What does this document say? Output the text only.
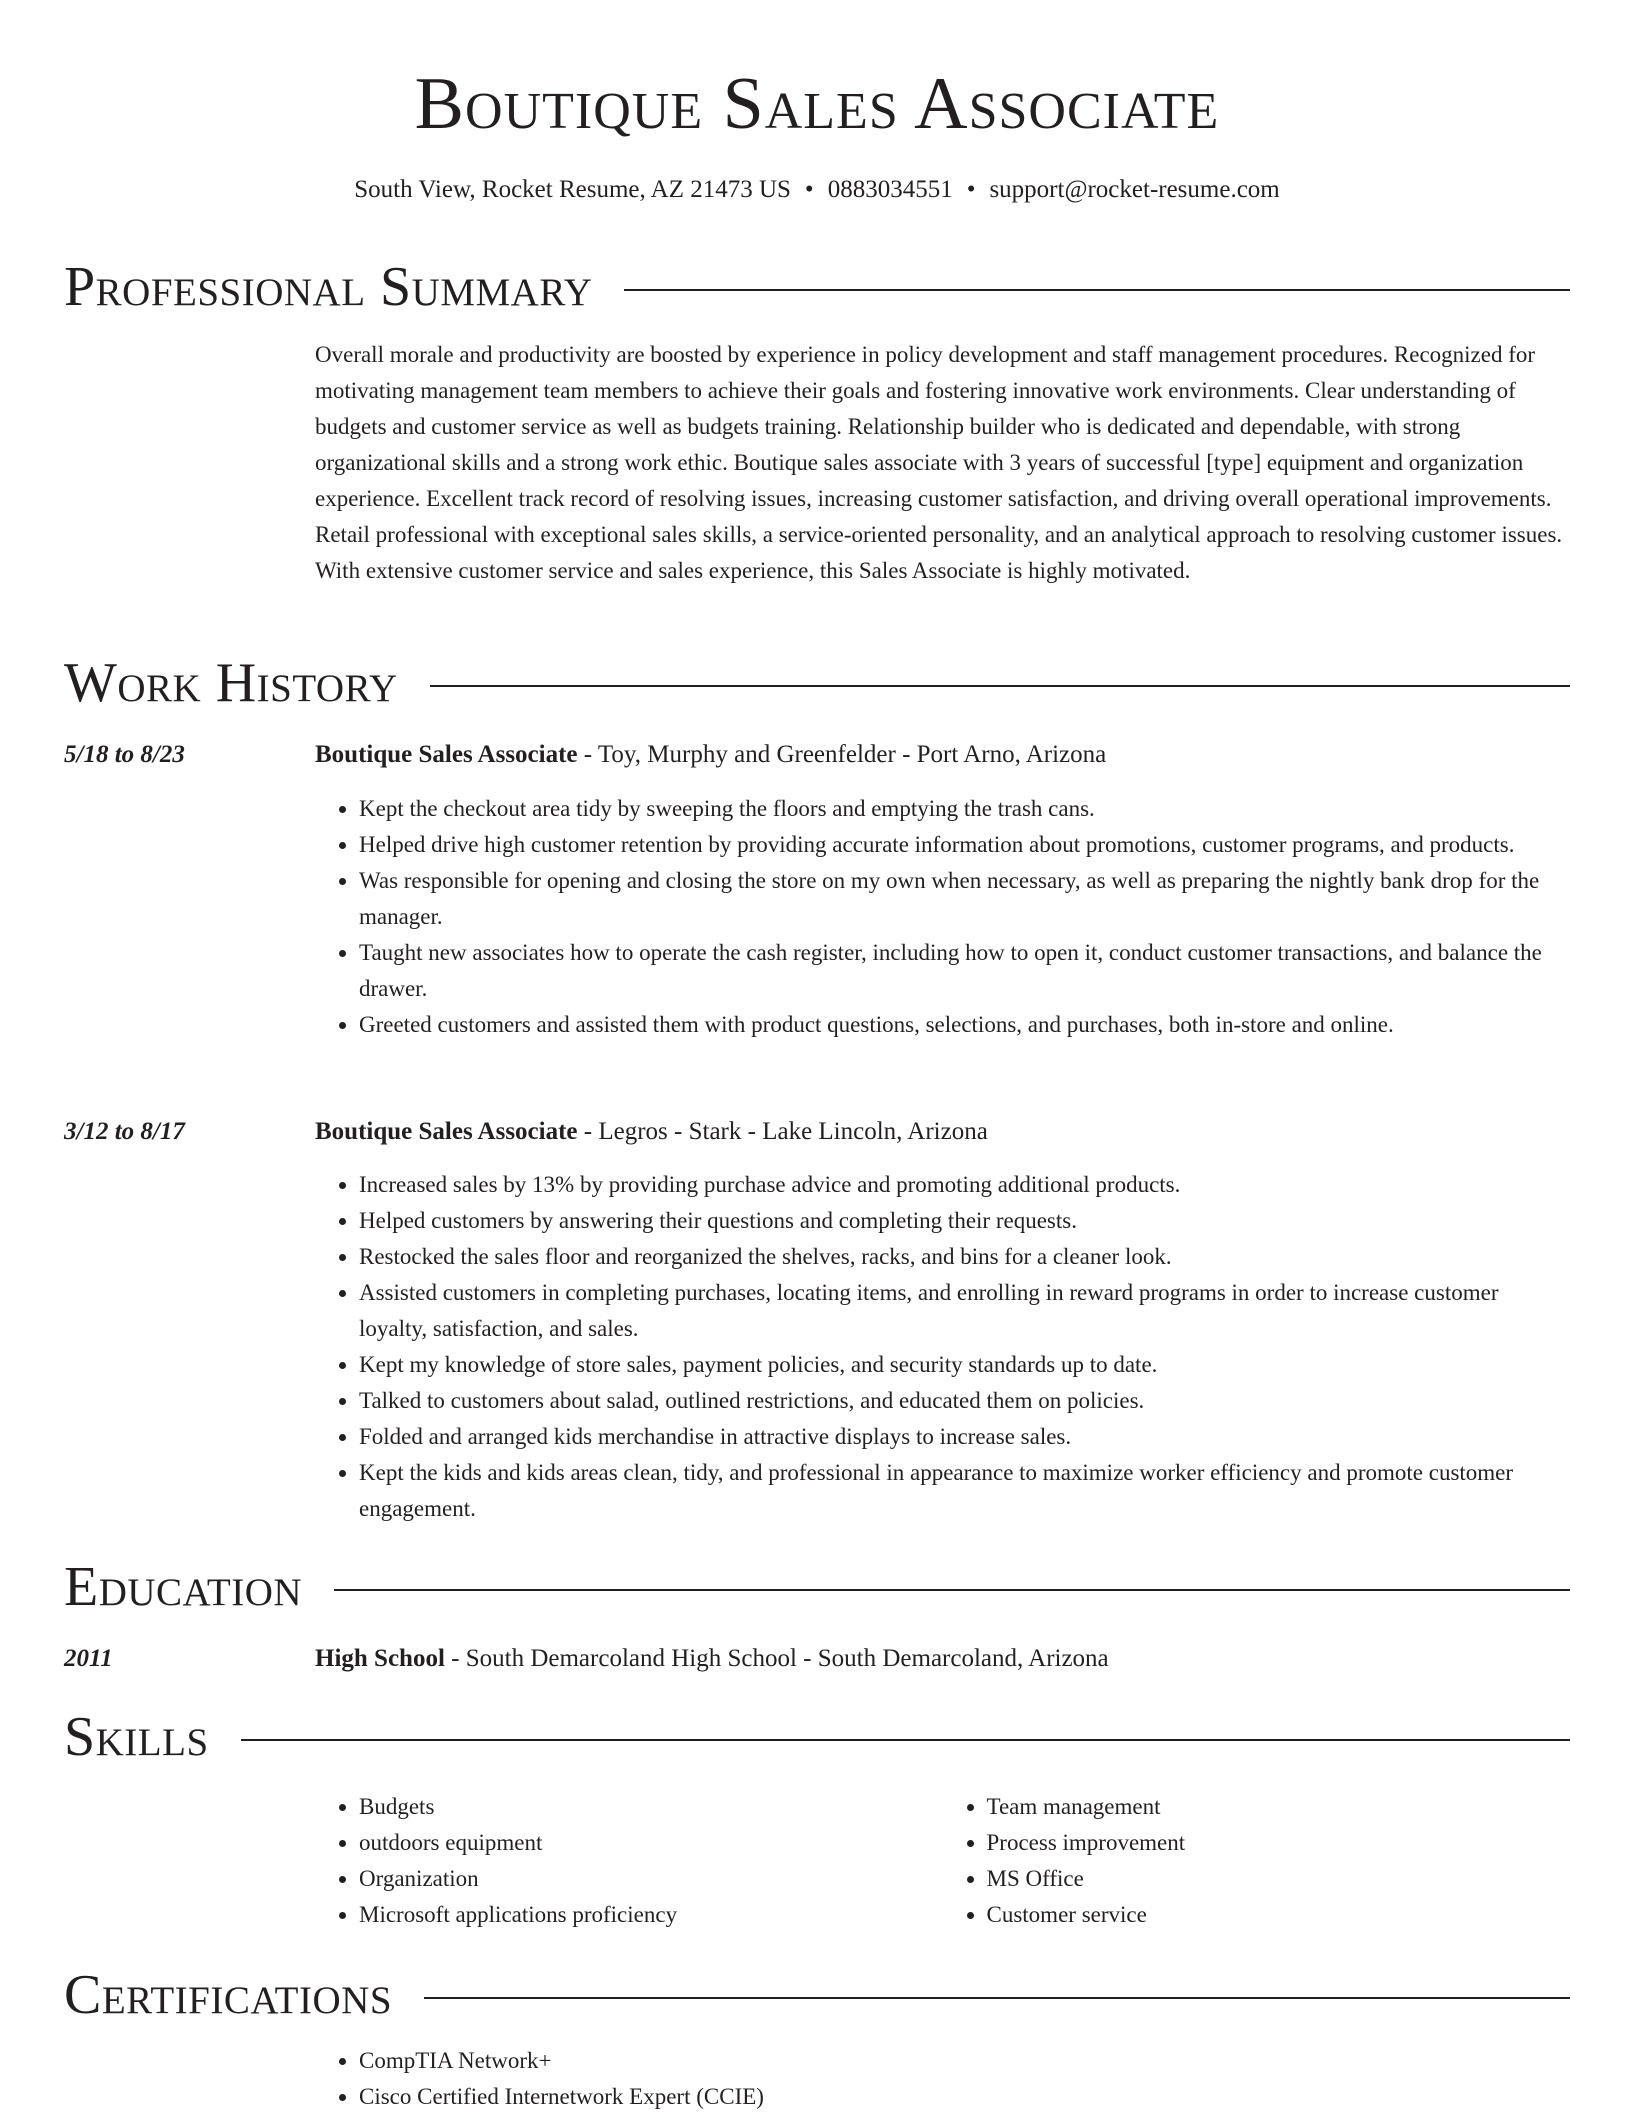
Boutique Sales Associate
South View, Rocket Resume, AZ 21473 US • 0883034551 • support@rocket-resume.com
Professional Summary

Overall morale and productivity are boosted by experience in policy development and staff management procedures. Recognized for motivating management team members to achieve their goals and fostering innovative work environments. Clear understanding of budgets and customer service as well as budgets training. Relationship builder who is dedicated and dependable, with strong organizational skills and a strong work ethic. Boutique sales associate with 3 years of successful [type] equipment and organization experience. Excellent track record of resolving issues, increasing customer satisfaction, and driving overall operational improvements. Retail professional with exceptional sales skills, a service-oriented personality, and an analytical approach to resolving customer issues. With extensive customer service and sales experience, this Sales Associate is highly motivated.

Work History
5/18 to 8/23	Boutique Sales Associate - Toy, Murphy and Greenfelder - Port Arno, Arizona
• Kept the checkout area tidy by sweeping the floors and emptying the trash cans.
• Helped drive high customer retention by providing accurate information about promotions, customer programs, and products.
• Was responsible for opening and closing the store on my own when necessary, as well as preparing the nightly bank drop for the manager.
• Taught new associates how to operate the cash register, including how to open it, conduct customer transactions, and balance the drawer.
• Greeted customers and assisted them with product questions, selections, and purchases, both in-store and online.
3/12 to 8/17	Boutique Sales Associate - Legros - Stark - Lake Lincoln, Arizona
• Increased sales by 13% by providing purchase advice and promoting additional products.
• Helped customers by answering their questions and completing their requests.
• Restocked the sales floor and reorganized the shelves, racks, and bins for a cleaner look.
• Assisted customers in completing purchases, locating items, and enrolling in reward programs in order to increase customer loyalty, satisfaction, and sales.
• Kept my knowledge of store sales, payment policies, and security standards up to date.
• Talked to customers about salad, outlined restrictions, and educated them on policies.
• Folded and arranged kids merchandise in attractive displays to increase sales.
• Kept the kids and kids areas clean, tidy, and professional in appearance to maximize worker efficiency and promote customer engagement.
Education
2011	High School - South Demarcoland High School - South Demarcoland, Arizona
Skills
• Budgets
• outdoors equipment
• Organization
• Microsoft applications proficiency
• Team management
• Process improvement
• MS Office
• Customer service
Certifications
• CompTIA Network+
• Cisco Certified Internetwork Expert (CCIE)
